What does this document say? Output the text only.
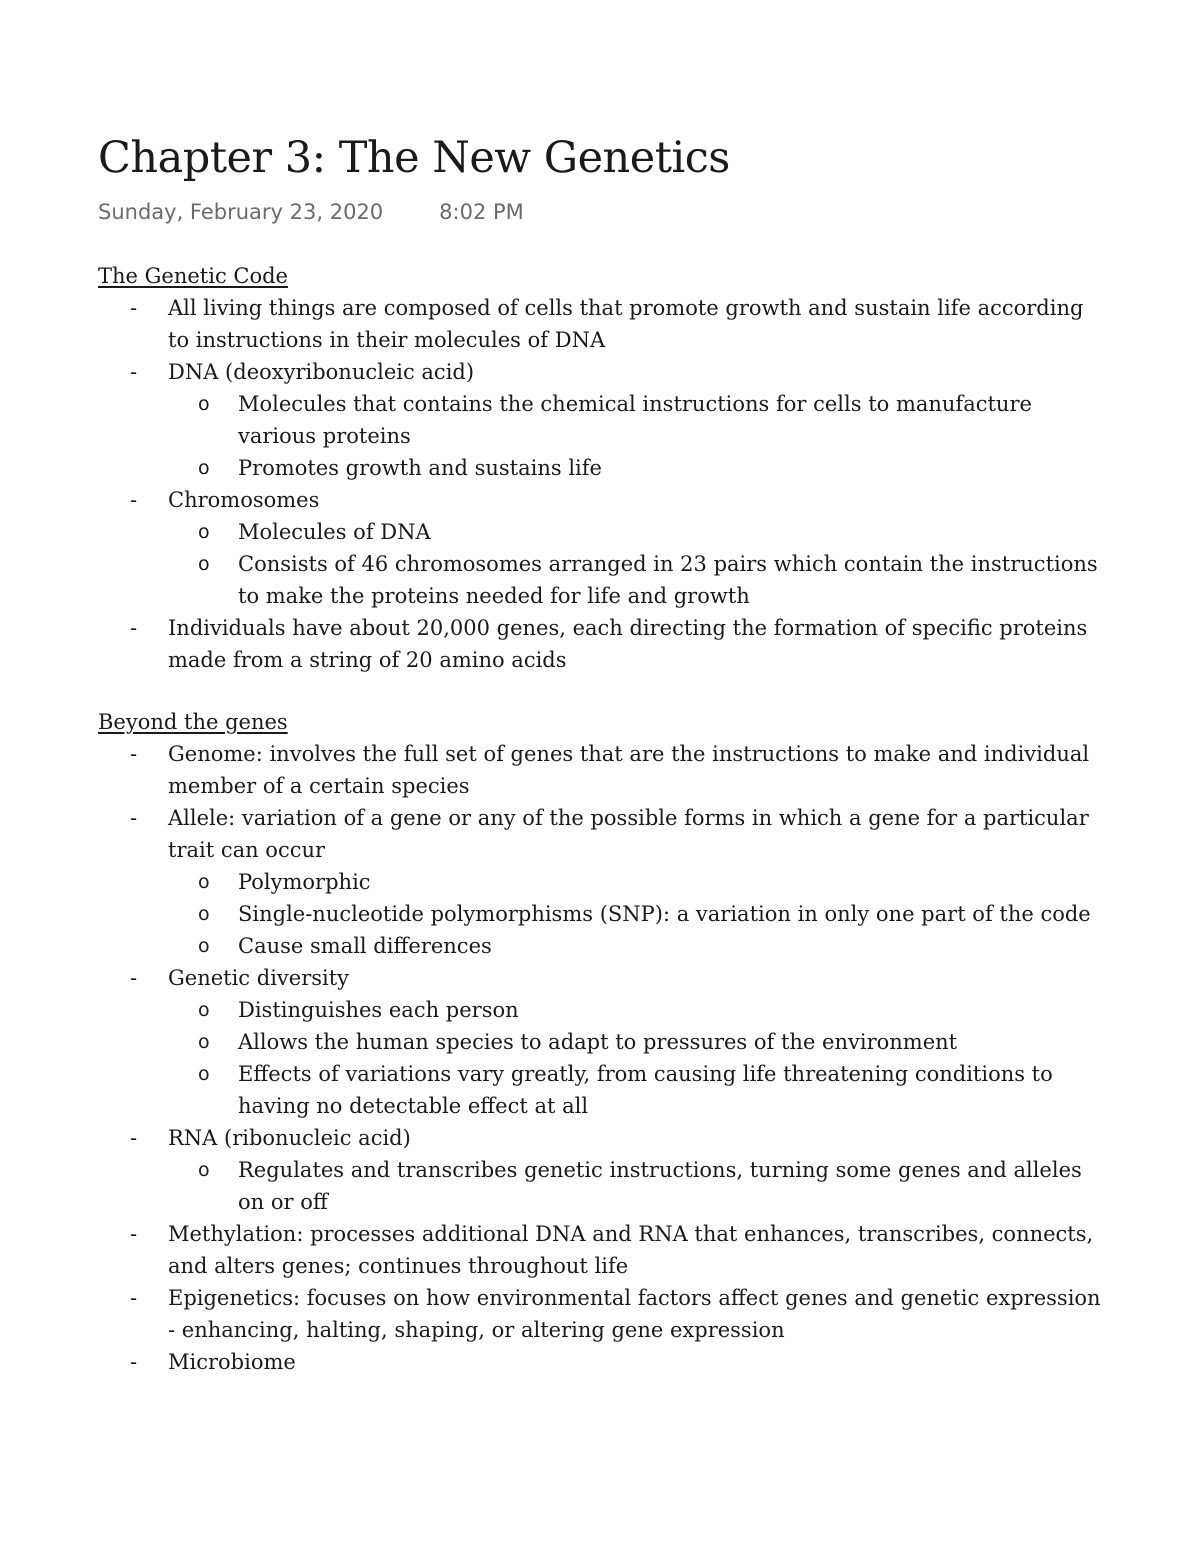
Chapter 3: The New Genetics
Sunday, February 23, 2020	8:02 PM
The Genetic Code
- All living things are composed of cells that promote growth and sustain life according to instructions in their molecules of DNA
- DNA (deoxyribonucleic acid)
o Molecules that contains the chemical instructions for cells to manufacture various proteins
o Promotes growth and sustains life
- Chromosomes
o Molecules of DNA
o Consists of 46 chromosomes arranged in 23 pairs which contain the instructions to make the proteins needed for life and growth
- Individuals have about 20,000 genes, each directing the formation of specific proteins made from a string of 20 amino acids
Beyond the genes
- Genome: involves the full set of genes that are the instructions to make and individual member of a certain species
- Allele: variation of a gene or any of the possible forms in which a gene for a particular trait can occur
o Polymorphic
o Single-nucleotide polymorphisms (SNP): a variation in only one part of the code
o Cause small differences
- Genetic diversity
o Distinguishes each person
o Allows the human species to adapt to pressures of the environment
o Effects of variations vary greatly, from causing life threatening conditions to having no detectable effect at all
- RNA (ribonucleic acid)
o Regulates and transcribes genetic instructions, turning some genes and alleles on or off
- Methylation: processes additional DNA and RNA that enhances, transcribes, connects, and alters genes; continues throughout life
- Epigenetics: focuses on how environmental factors affect genes and genetic expression - enhancing, halting, shaping, or altering gene expression
- Microbiome
